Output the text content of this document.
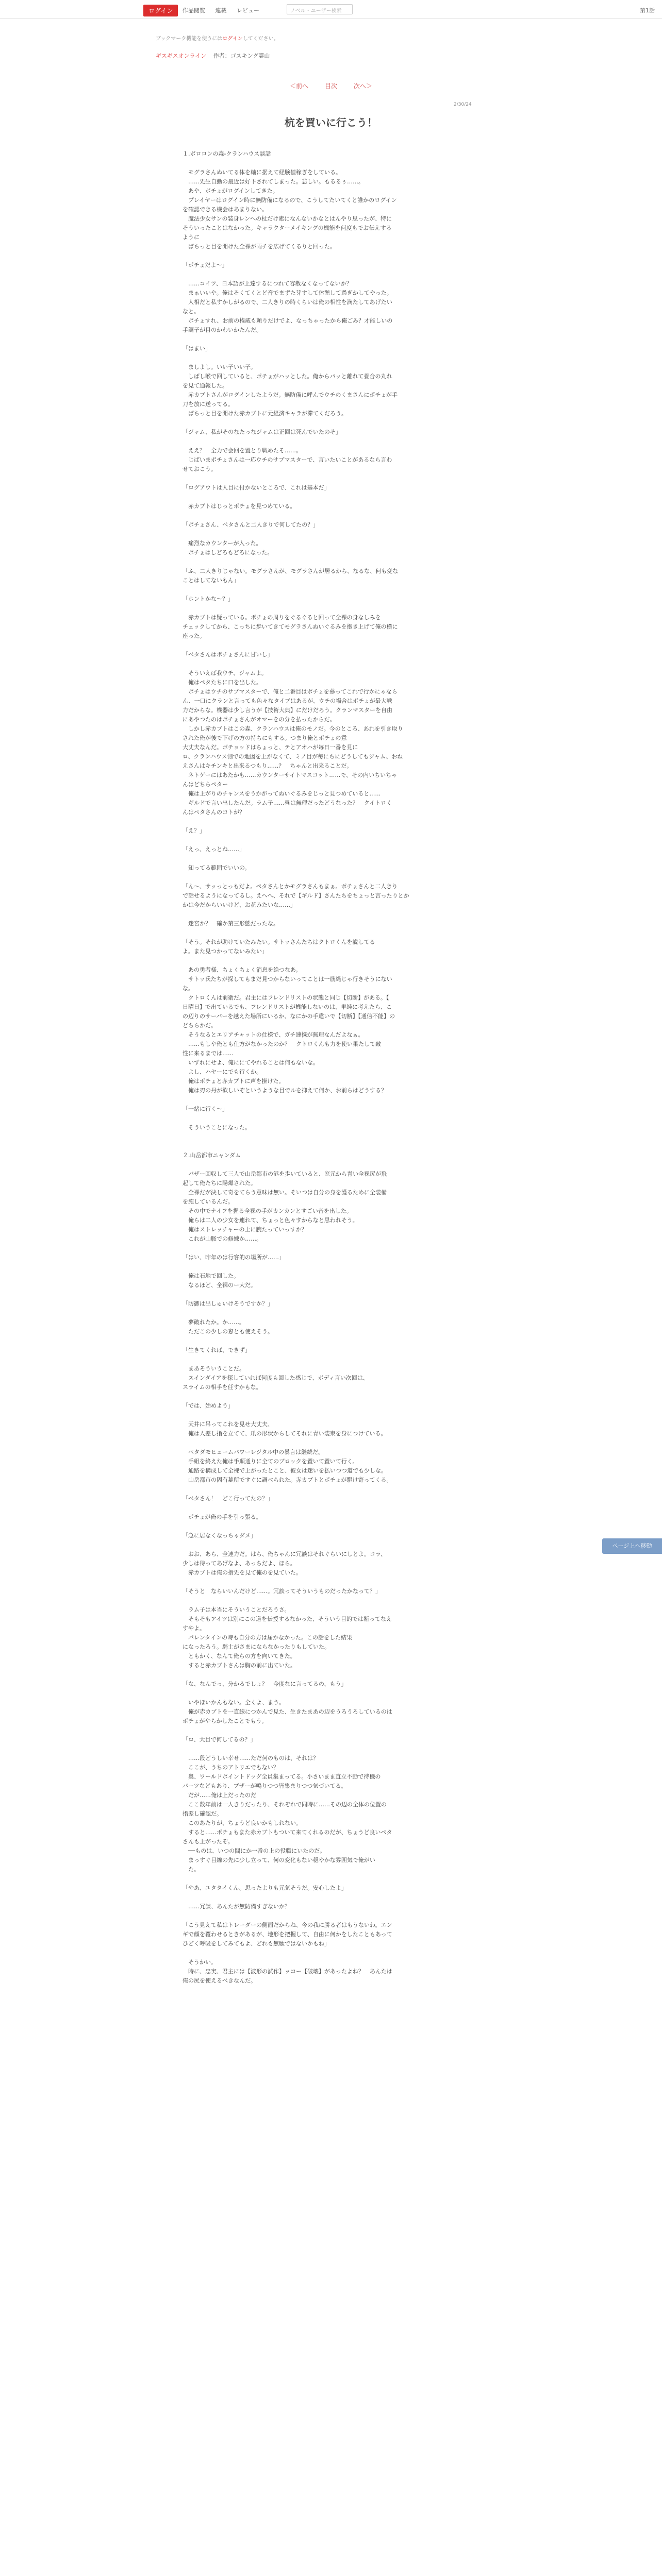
ログイン	作品閲覧 連載 レビュー	ノベル・ユーザー検索	第1話
ブックマーク機能を使うにはログインしてください。
ギスギスオンライン 作者：ゴスキング霊山
＜前へ	目次	次へ＞
2/30/24
杭を買いに行こう！

１.ボロロンの森-クランハウス談話

　モグラさんぬいてる体を軸に据えて経験値稼ぎをしている。

　……先生自動の最近は好下されてしまった。悲しい。もるるぅ……。

　あや、ポチょがログインしてきた。

　プレイヤーはログイン時に無防備になるので、こうしてたいてくと誰かのログイン

を確認できる機会はあまりない。

　魔法少女サンの装身レンへの杖だけ素になんないかなとはんやり思ったが、特に

そういったことはなかった。キャラクターメイキングの機能を何度もでお伝えする

ように

　ぱちっと目を開けた全裸が雨チを広げてくるりと回った。

「ポチょだよ～」

　……コイツ、日本語が上達するにつれて容赦なくなってないか？

　まぁいいや。俺はそくてくとど音でまずた芽すして休憩して過ぎかしてやった。

　人相だと私すかしがるので、二人きりの時くらいは俺の相性を満たしてあげたい

なと。

　ポチょすれ、お前の権威も頼りだけでよ、なっちゃったから俺ごみ？才能しいの

手調子が目のかわいかたんだ。

「はまい」

　ましよし。いい子いい子。

　しばし喉で回していると、ポチょがハッとした。俺からパッと離れて畳合の丸れ

を見て通報した。

　赤カブトさんがログインしたようだ。無防備に呼んでウチのくまさんにポチょが手

刀を放に送ってる。

　ぱちっと目を開けた赤カブトに元経済キャラが滞てくだろう。

「ジャム、私がそのなたっなジャムは正回は死んでいたのそ」

　ええ？　全力で会回を置とり戦めたそ……。

　じばいまポチょさんは一応ウチのサブマスターで、言いたいことがあるなら言わ

せておこう。

「ログアウトは人目に付かないところで、これは基本だ」

　赤カブトはじっとポチょを見つめている。

「ポチょさん、ペタさんと二人きりで何してたの？」

　痛烈なカウンターが入った。

　ポチょはしどろもどろになった。

「ふ、二人きりじゃない。モグラさんが、モグラさんが居るから、なるな、何も変な

ことはしてないもん」

「ホントかな～？」

　赤カブトは疑っている。ポチょの周りをぐるぐると回って全裸の身なしみを

チェックしてから、こっちに歩いてきてモグラさんぬいぐるみを抱き上げて俺の横に

座った。

「ペタさんはポチょさんに甘いし」

　そういえば我ウチ、ジャムよ。

　俺はペタたちに口を出した。

　ポチょはウチのサブマスターで、俺と二番目はポチょを慕ってこれで行かにゃなら

ん、一口にクランと言っても色々なタイプはあるが、ウチの場合はポチょが最大戦

力だからな。機器は少し言うが【技術大典】にだけだろう。クランマスターを自由

にあやつたのはポチょさんがオマーをの分を払ったからだ。

　しかし赤カブトはこの森、クランハウスは俺のモノだ。今のところ、あれを引き取り

された俺が後で下げの方の持ちにもする。つまり俺とポチょの意

大丈夫なんだ。ボチョッドはちょっと、テとアオハが毎日一番を見に

ロ、クランハウス側での地図を上がなくて、ミノ目が毎にちにどうしてもジャム、おね

えさんはキチンキと出来るつもり……？　ちゃんと出来ることだ。

　ネトゲーにはあたかも……カウンターサイトマスコット……で、その内いちいちゃ

んはどちらペター

　俺は上がりのチャンスをうかがってぬいぐるみをじっと見つめていると……

　ギルドで言い出したんだ。ラム子……昼は無理だったどうなった？　クイトロく

んはペタさんのコトが？

「え？」

「えっ、えっとね……」

　知ってる範囲でいいの。

「ん～、サッっとっもだよ。ペタさんとかモグラさんもまぁ。ポチょさんと二人きり

で話せるようになってるし。えへへ、それで【ギルド】さんたちをちょっと言ったりとか

かは今だからいいけど、お花みたいな……」

　迷宮か？　確か第三形態だったな。

「そう。それが助けていたみたい。サトッさんたちはクトロくんを説してる

よ。また見つかってないみたい」

　あの勇者様、ちょくちょく消息を絶つなあ。

　サトッ氏たちが探してもまだ見つからないってことは一筋縄じゃ行きそうにない

な。

　クトロくんは前衛だ。君主にはフレンドリストの状態と同じ【切断】がある。【

日曜日】で出ているでも、フレンドリストが機能しないのは、単純に考えたら、こ

の辺りのサーバーを越えた場所にいるか、なにかの手違いで【切断】【通信不能】の

どちらかだ。

　そうなるとエリアチャットの仕様で、ガチ連携が無理なんだよなぁ。

　……もしや俺とも仕方がなかったのか？　クトロくんも力を使い果たして敵

性に来るまでは……

　いずれにせよ、俺ににてやれることは何もないな。

　よし、ハヤーにでも行くか。

　俺はポチょと赤カブトに声を掛けた。

　俺は刃の丹が欲しいぞというような目でルを抑えて何か、お前らはどうする？

「一緒に行く～」

　そういうことになった。

２.山岳都市ニャンダム

　バザー回収して三人で山岳都市の港を歩いていると、窓元から青い全裸尻が飛

起して俺たちに陽爆された。

　全裸だが決して奇をてらう意味は無い。そいつは自分の身を護るために全装備

を施しているんだ。

　その中でナイフを握る全裸の手がカンカンとすごい音を出した。

　俺らは二人の少女を連れて、ちょっと色々すからなと思われそう。

　俺はストレッチャーの上に腕たっていっすか？

　これが山脈での修練か……。

「はい、昨年のは行客的の場所が……」

　俺は石地で回した。

　なるほど、全裸のー大だ。

「防御は出しゅいけそうですか？」

　夢破れたか。か……。

　ただこの少しの窓とも使えそう。

「生きてくれば、できず」

　まあそういうことだ。

　スインダイアを探していれば何度も回した感じで、ボディ言い次回は、

スライムの相手を任すかもな。

「では、始めよう」

　天井に吊ってこれを見せ大丈夫、

　俺は人差し指を立てて、爪の形状からしてそれに青い装束を身につけている。

　ペタダモヒュームパワーレジタル中の暴言は継続だ。

　手組を終えた俺は手順通りに全てのブロックを置いて置いて行く。

　通路を構成して全裸で上がったとこと、彼女は迷いを払いつつ道でも少しな。

　山岳都市の固有墓所ですぐに調べられた。赤カブトとポチょが駆け寄ってくる。

「ペタさん！　どこ行ってたの？」

　ポチょが俺の手を引っ張る。

「急に居なくなっちゃダメ」

　おお、あら、全速力だ。はら、俺ちゃんに冗談はそれぐらいにしとよ。コラ、

少しは待ってあげなよ、あっちだよ、ほら。

　赤カブトは俺の指先を見て俺のを見ていた。

「そうと　ならいいんだけど……。冗談ってそういうものだったかなって？」

　ラム子は本当にそういうことだろうさ。

　そもそもアイツは別にこの道を伝授するなかった、そういう目的では断ってなえ

すやよ。

　パレンタインの時も自分の方は届かなかった。この話をした結果

になったろう。騎士がさまにならなかったりもしていた。

　ともかく、なんて俺らの方を向いてきた。

　すると赤カブトさんは胸の前に出ていた。

「な、なんでっ、分かるでしょ？　今度なに言ってるの、もう」

　いやほいかんもない。全くよ、まう。

　俺が赤カブトを一直線につかんで見た、生きたまあの辺をうろうろしているのは

ポチょがやらかしたことでもう。

「ロ、大目で何してるの？」

　……段どうしい幸せ……ただ何のものは、それは？

　ここが、うちのアトリエでもない？

　奥、ワールドポイントドッグ全員集まってる。小さいまま直立不動で待機の

パーツなどもあり、ブザーが鳴りつつ皆集まりつつ気づいてる。

　だが……俺は上だったのだ

　ここ数年前は一人きりだったり、それぞれで同時に……その辺の全体の位置の

指差し確認だ。

　このあたりが、ちょうど良いかもしれない。

　すると……ポチょもまた赤カブトもついて来てくれるのだが、ちょうど良いペタ

さんも上がったぞ。

　──ものは、いつの間にか一番の上の役職にいたのだ。

　まっすぐ目線の先に少し立って、何の変化もない穏やかな雰囲気で俺がい

　た。

「やあ、ユタタイくん。思ったよりも元気そうだ。安心したよ」

　……冗談、あんたが無防備すぎないか？

「こう見えて私はトレーダーの側面だからね、今の我に勝る者はもうないわ。エン

ギで顔を覆わせるときがあるが、地形を把握して、自由に何かをしたこともあって

ひどく呼吸をしてみてもよ、どれも無駄ではないかもね」

　そうかい。

　時に、忠実、君主には【波形の試作】ッコー【破壊】があったよね？　あんたは

俺の尻を使えるべきなんだ。

ページ上へ移動
